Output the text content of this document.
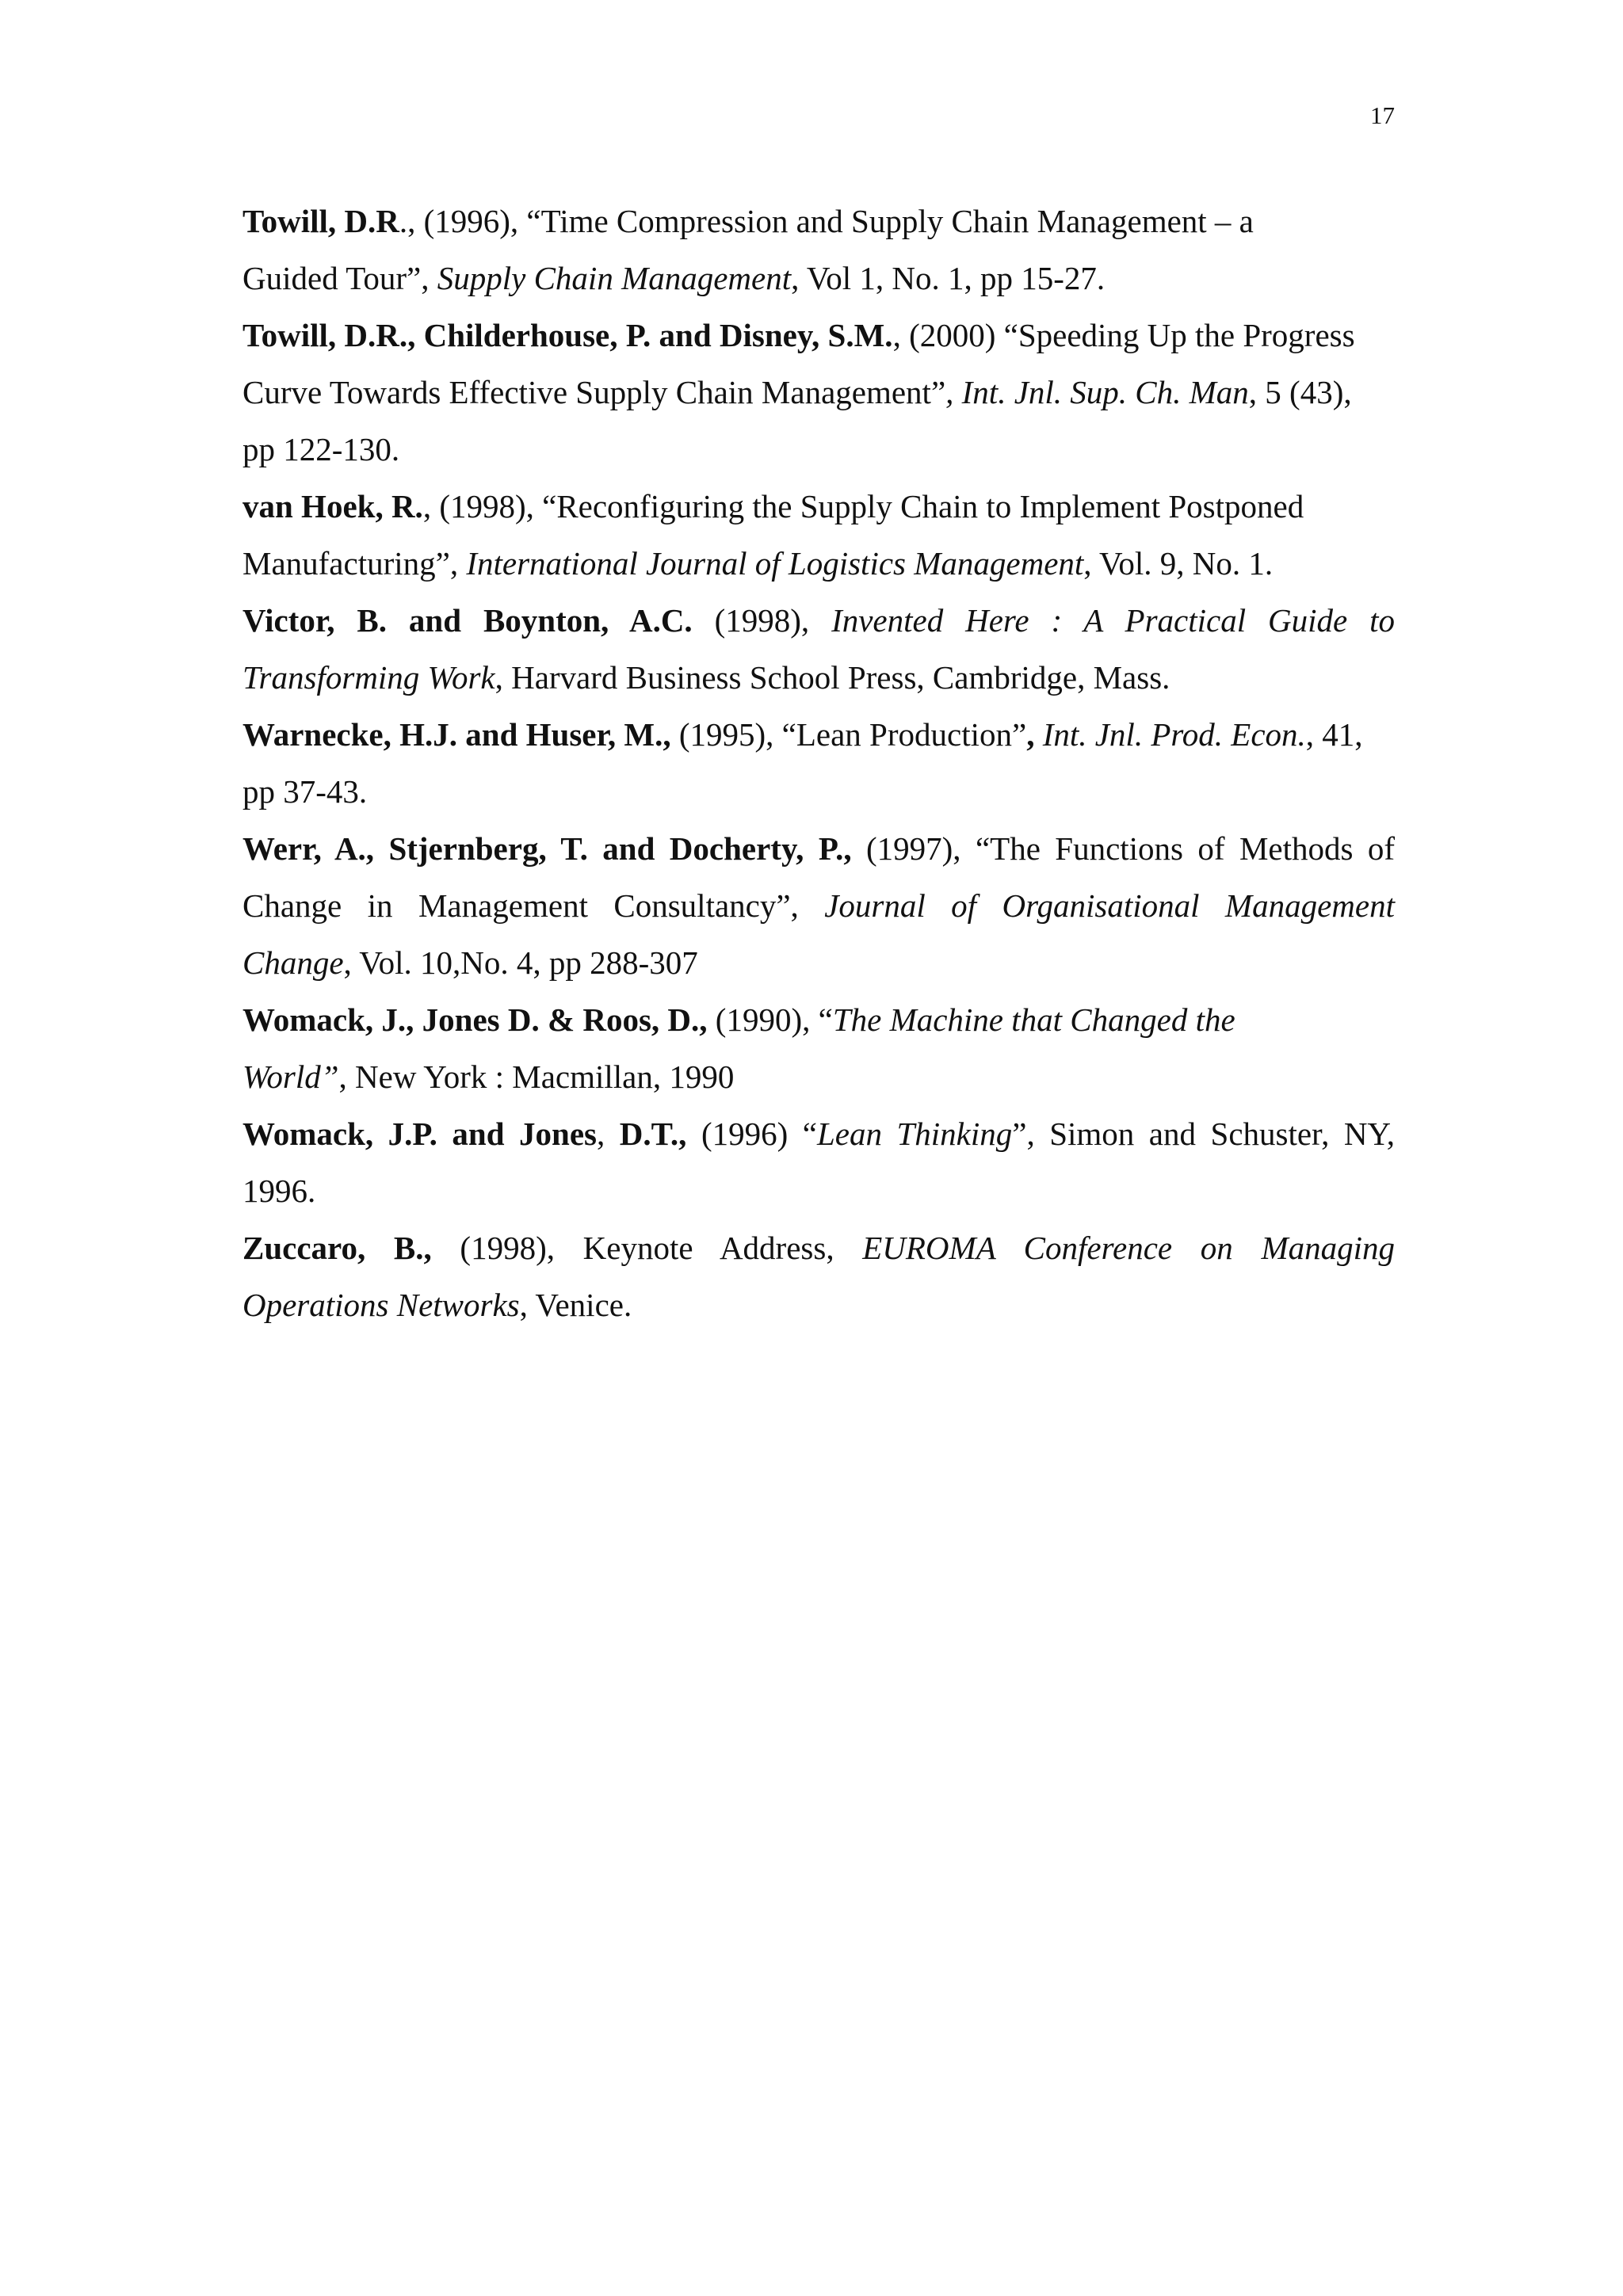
17

Towill, D.R., (1996), “Time Compression and Supply Chain Management – a
Guided Tour”, Supply Chain Management, Vol 1, No. 1, pp 15-27.

Towill, D.R., Childerhouse, P. and Disney, S.M., (2000) “Speeding Up the Progress
Curve Towards Effective Supply Chain Management”, Int. Jnl. Sup. Ch. Man, 5 (43),
pp 122-130.

van Hoek, R., (1998), “Reconfiguring the Supply Chain to Implement Postponed
Manufacturing”, International Journal of Logistics Management, Vol. 9, No. 1.

Victor, B. and Boynton, A.C. (1998), Invented Here : A Practical Guide to
Transforming Work, Harvard Business School Press, Cambridge, Mass.

Warnecke, H.J. and Huser, M., (1995), “Lean Production”, Int. Jnl. Prod. Econ., 41,
pp 37-43.

Werr, A., Stjernberg, T. and Docherty, P., (1997), “The Functions of Methods of
Change in Management Consultancy”, Journal of Organisational Management
Change, Vol. 10,No. 4, pp 288-307

Womack, J., Jones D. & Roos, D., (1990), “The Machine that Changed the
World”, New York : Macmillan, 1990

Womack, J.P. and Jones, D.T., (1996) “Lean Thinking”, Simon and Schuster, NY,
1996.

Zuccaro, B., (1998), Keynote Address, EUROMA Conference on Managing
Operations Networks, Venice.
